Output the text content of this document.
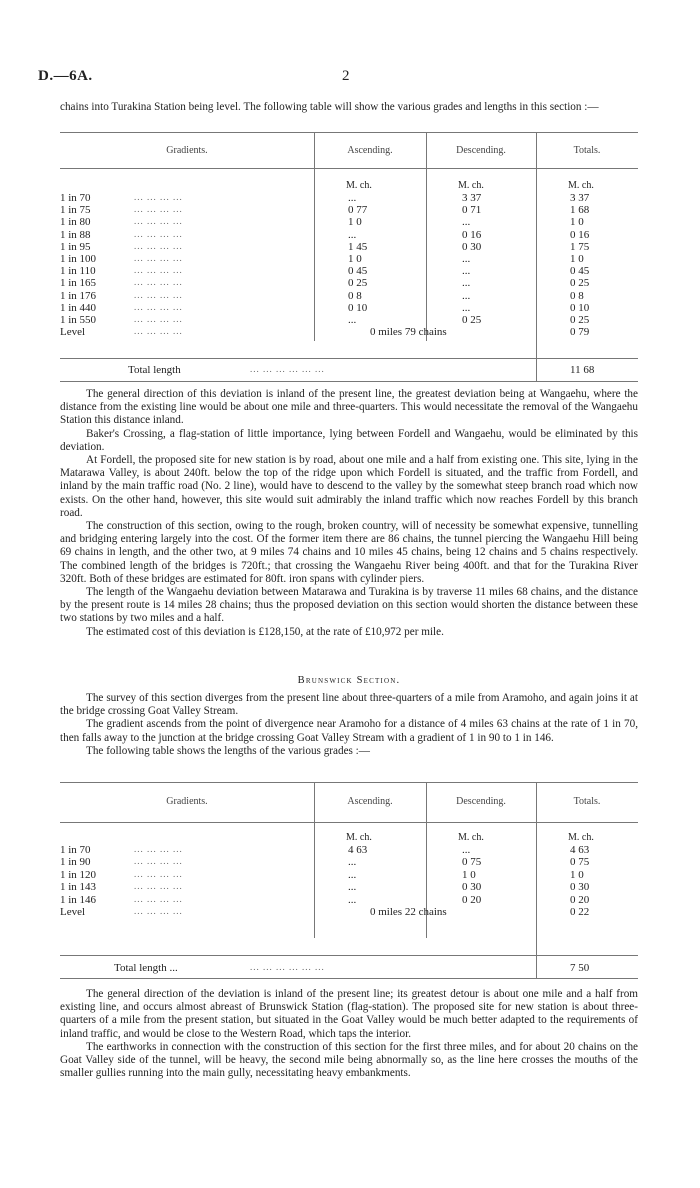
D.—6A.	2

chains into Turakina Station being level. The following table will show the various grades and lengths in this section :—

Gradients.	Ascending.	Descending.	Totals.
M. ch.	M. ch.	M. ch.
1 in 70	... ... ... ...	...	3 37	3 37
1 in 75	... ... ... ...	0 77	0 71	1 68
1 in 80	... ... ... ...	1 0	...	1 0
1 in 88	... ... ... ...	...	0 16	0 16
1 in 95	... ... ... ...	1 45	0 30	1 75
1 in 100	... ... ... ...	1 0	...	1 0
1 in 110	... ... ... ...	0 45	...	0 45
1 in 165	... ... ... ...	0 25	...	0 25
1 in 176	... ... ... ...	0 8	...	0 8
1 in 440	... ... ... ...	0 10	...	0 10
1 in 550	... ... ... ...	...	0 25	0 25
Level	... ... ... ...	0 miles 79 chains	0 79
Total length	... ... ... ... ... ...	11 68

The general direction of this deviation is inland of the present line, the greatest deviation being at Wangaehu, where the distance from the existing line would be about one mile and three-quarters. This would necessitate the removal of the Wangaehu Station this distance inland.

Baker's Crossing, a flag-station of little importance, lying between Fordell and Wangaehu, would be eliminated by this deviation.

At Fordell, the proposed site for new station is by road, about one mile and a half from existing one. This site, lying in the Matarawa Valley, is about 240ft. below the top of the ridge upon which Fordell is situated, and the traffic from Fordell, and inland by the main traffic road (No. 2 line), would have to descend to the valley by the somewhat steep branch road which now exists. On the other hand, however, this site would suit admirably the inland traffic which now reaches Fordell by this branch road.

The construction of this section, owing to the rough, broken country, will of necessity be somewhat expensive, tunnelling and bridging entering largely into the cost. Of the former item there are 86 chains, the tunnel piercing the Wangaehu Hill being 69 chains in length, and the other two, at 9 miles 74 chains and 10 miles 45 chains, being 12 chains and 5 chains respectively. The combined length of the bridges is 720ft.; that crossing the Wangaehu River being 400ft. and that for the Turakina River 320ft. Both of these bridges are estimated for 80ft. iron spans with cylinder piers.

The length of the Wangaehu deviation between Matarawa and Turakina is by traverse 11 miles 68 chains, and the distance by the present route is 14 miles 28 chains; thus the proposed deviation on this section would shorten the distance between these two stations by two miles and a half.

The estimated cost of this deviation is £128,150, at the rate of £10,972 per mile.

Brunswick Section.

The survey of this section diverges from the present line about three-quarters of a mile from Aramoho, and again joins it at the bridge crossing Goat Valley Stream.

The gradient ascends from the point of divergence near Aramoho for a distance of 4 miles 63 chains at the rate of 1 in 70, then falls away to the junction at the bridge crossing Goat Valley Stream with a gradient of 1 in 90 to 1 in 146.

The following table shows the lengths of the various grades :—

Gradients.	Ascending.	Descending.	Totals.
M. ch.	M. ch.	M. ch.
1 in 70	... ... ... ...	4 63	...	4 63
1 in 90	... ... ... ...	...	0 75	0 75
1 in 120	... ... ... ...	...	1 0	1 0
1 in 143	... ... ... ...	...	0 30	0 30
1 in 146	... ... ... ...	...	0 20	0 20
Level	... ... ... ...	0 miles 22 chains	0 22
Total length ...	... ... ... ... ... ...	7 50

The general direction of the deviation is inland of the present line; its greatest detour is about one mile and a half from existing line, and occurs almost abreast of Brunswick Station (flag-station). The proposed site for new station is about three-quarters of a mile from the present station, but situated in the Goat Valley would be much better adapted to the requirements of inland traffic, and would be close to the Western Road, which taps the interior.

The earthworks in connection with the construction of this section for the first three miles, and for about 20 chains on the Goat Valley side of the tunnel, will be heavy, the second mile being abnormally so, as the line here crosses the mouths of the smaller gullies running into the main gully, necessitating heavy embankments.
